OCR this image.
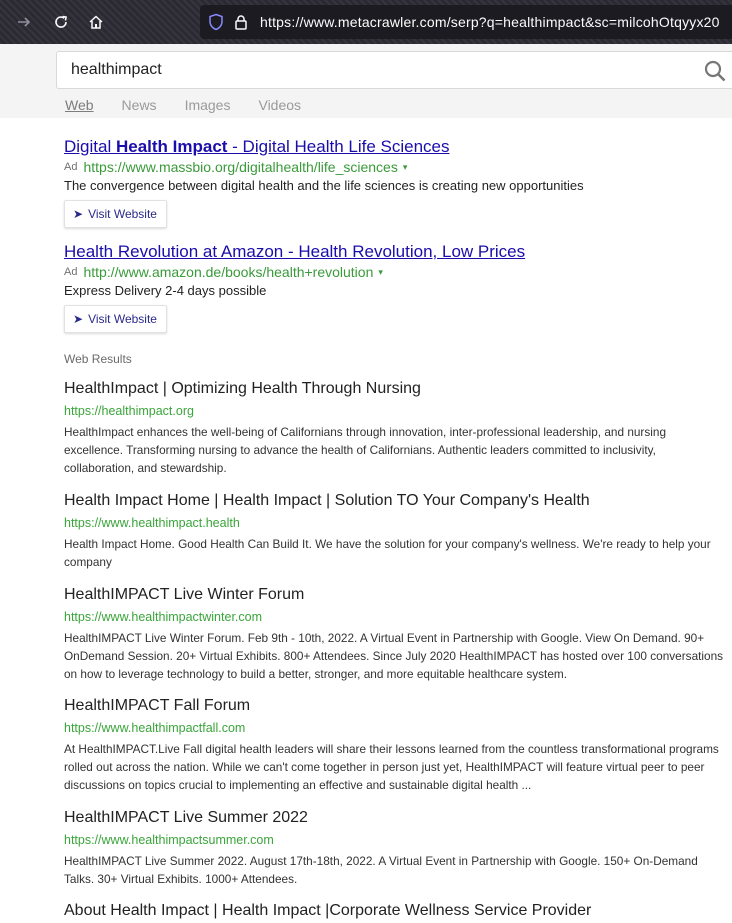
https://www.metacrawler.com/serp?q=healthimpact&sc=milcohOtqyyx20
healthimpact
Web News Images Videos
Digital Health Impact - Digital Health Life Sciences
Ad https://www.massbio.org/digitalhealth/life_sciences ▾
The convergence between digital health and the life sciences is creating new opportunities
➤ Visit Website
Health Revolution at Amazon - Health Revolution, Low Prices
Ad http://www.amazon.de/books/health+revolution ▾
Express Delivery 2-4 days possible
➤ Visit Website
Web Results
HealthImpact | Optimizing Health Through Nursing
https://healthimpact.org
HealthImpact enhances the well-being of Californians through innovation, inter-professional leadership, and nursing excellence. Transforming nursing to advance the health of Californians. Authentic leaders committed to inclusivity, collaboration, and stewardship.
Health Impact Home | Health Impact | Solution TO Your Company's Health
https://www.healthimpact.health
Health Impact Home. Good Health Can Build It. We have the solution for your company's wellness. We're ready to help your company
HealthIMPACT Live Winter Forum
https://www.healthimpactwinter.com
HealthIMPACT Live Winter Forum. Feb 9th - 10th, 2022. A Virtual Event in Partnership with Google. View On Demand. 90+ OnDemand Session. 20+ Virtual Exhibits. 800+ Attendees. Since July 2020 HealthIMPACT has hosted over 100 conversations on how to leverage technology to build a better, stronger, and more equitable healthcare system.
HealthIMPACT Fall Forum
https://www.healthimpactfall.com
At HealthIMPACT.Live Fall digital health leaders will share their lessons learned from the countless transformational programs rolled out across the nation. While we can't come together in person just yet, HealthIMPACT will feature virtual peer to peer discussions on topics crucial to implementing an effective and sustainable digital health ...
HealthIMPACT Live Summer 2022
https://www.healthimpactsummer.com
HealthIMPACT Live Summer 2022. August 17th-18th, 2022. A Virtual Event in Partnership with Google. 150+ On-Demand Talks. 30+ Virtual Exhibits. 1000+ Attendees.
About Health Impact | Health Impact |Corporate Wellness Service Provider
